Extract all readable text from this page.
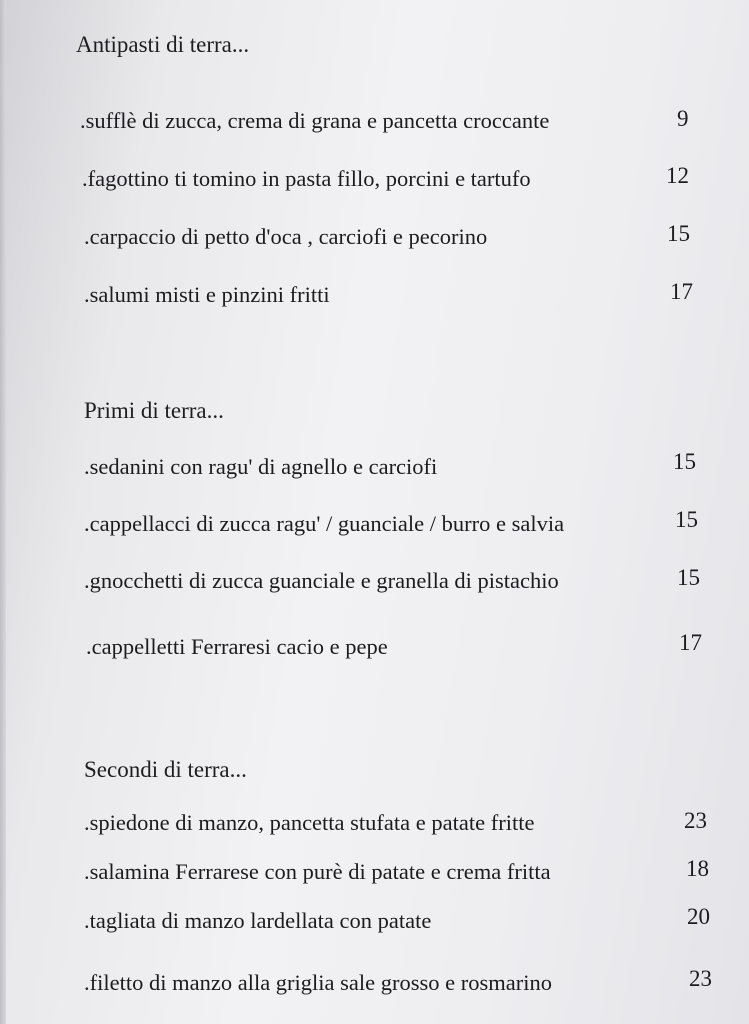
Antipasti di terra...
.sufflè di zucca, crema di grana e pancetta croccante	9
.fagottino ti tomino in pasta fillo, porcini e tartufo	12
.carpaccio di petto d'oca , carciofi e pecorino	15
.salumi misti e pinzini fritti	17
Primi di terra...
.sedanini con ragu' di agnello e carciofi	15
.cappellacci di zucca ragu' / guanciale / burro e salvia	15
.gnocchetti di zucca guanciale e granella di pistachio	15
.cappelletti Ferraresi cacio e pepe	17
Secondi di terra...
.spiedone di manzo, pancetta stufata e patate fritte	23
.salamina Ferrarese con purè di patate e crema fritta	18
.tagliata di manzo lardellata con patate	20
.filetto di manzo alla griglia sale grosso e rosmarino	23
